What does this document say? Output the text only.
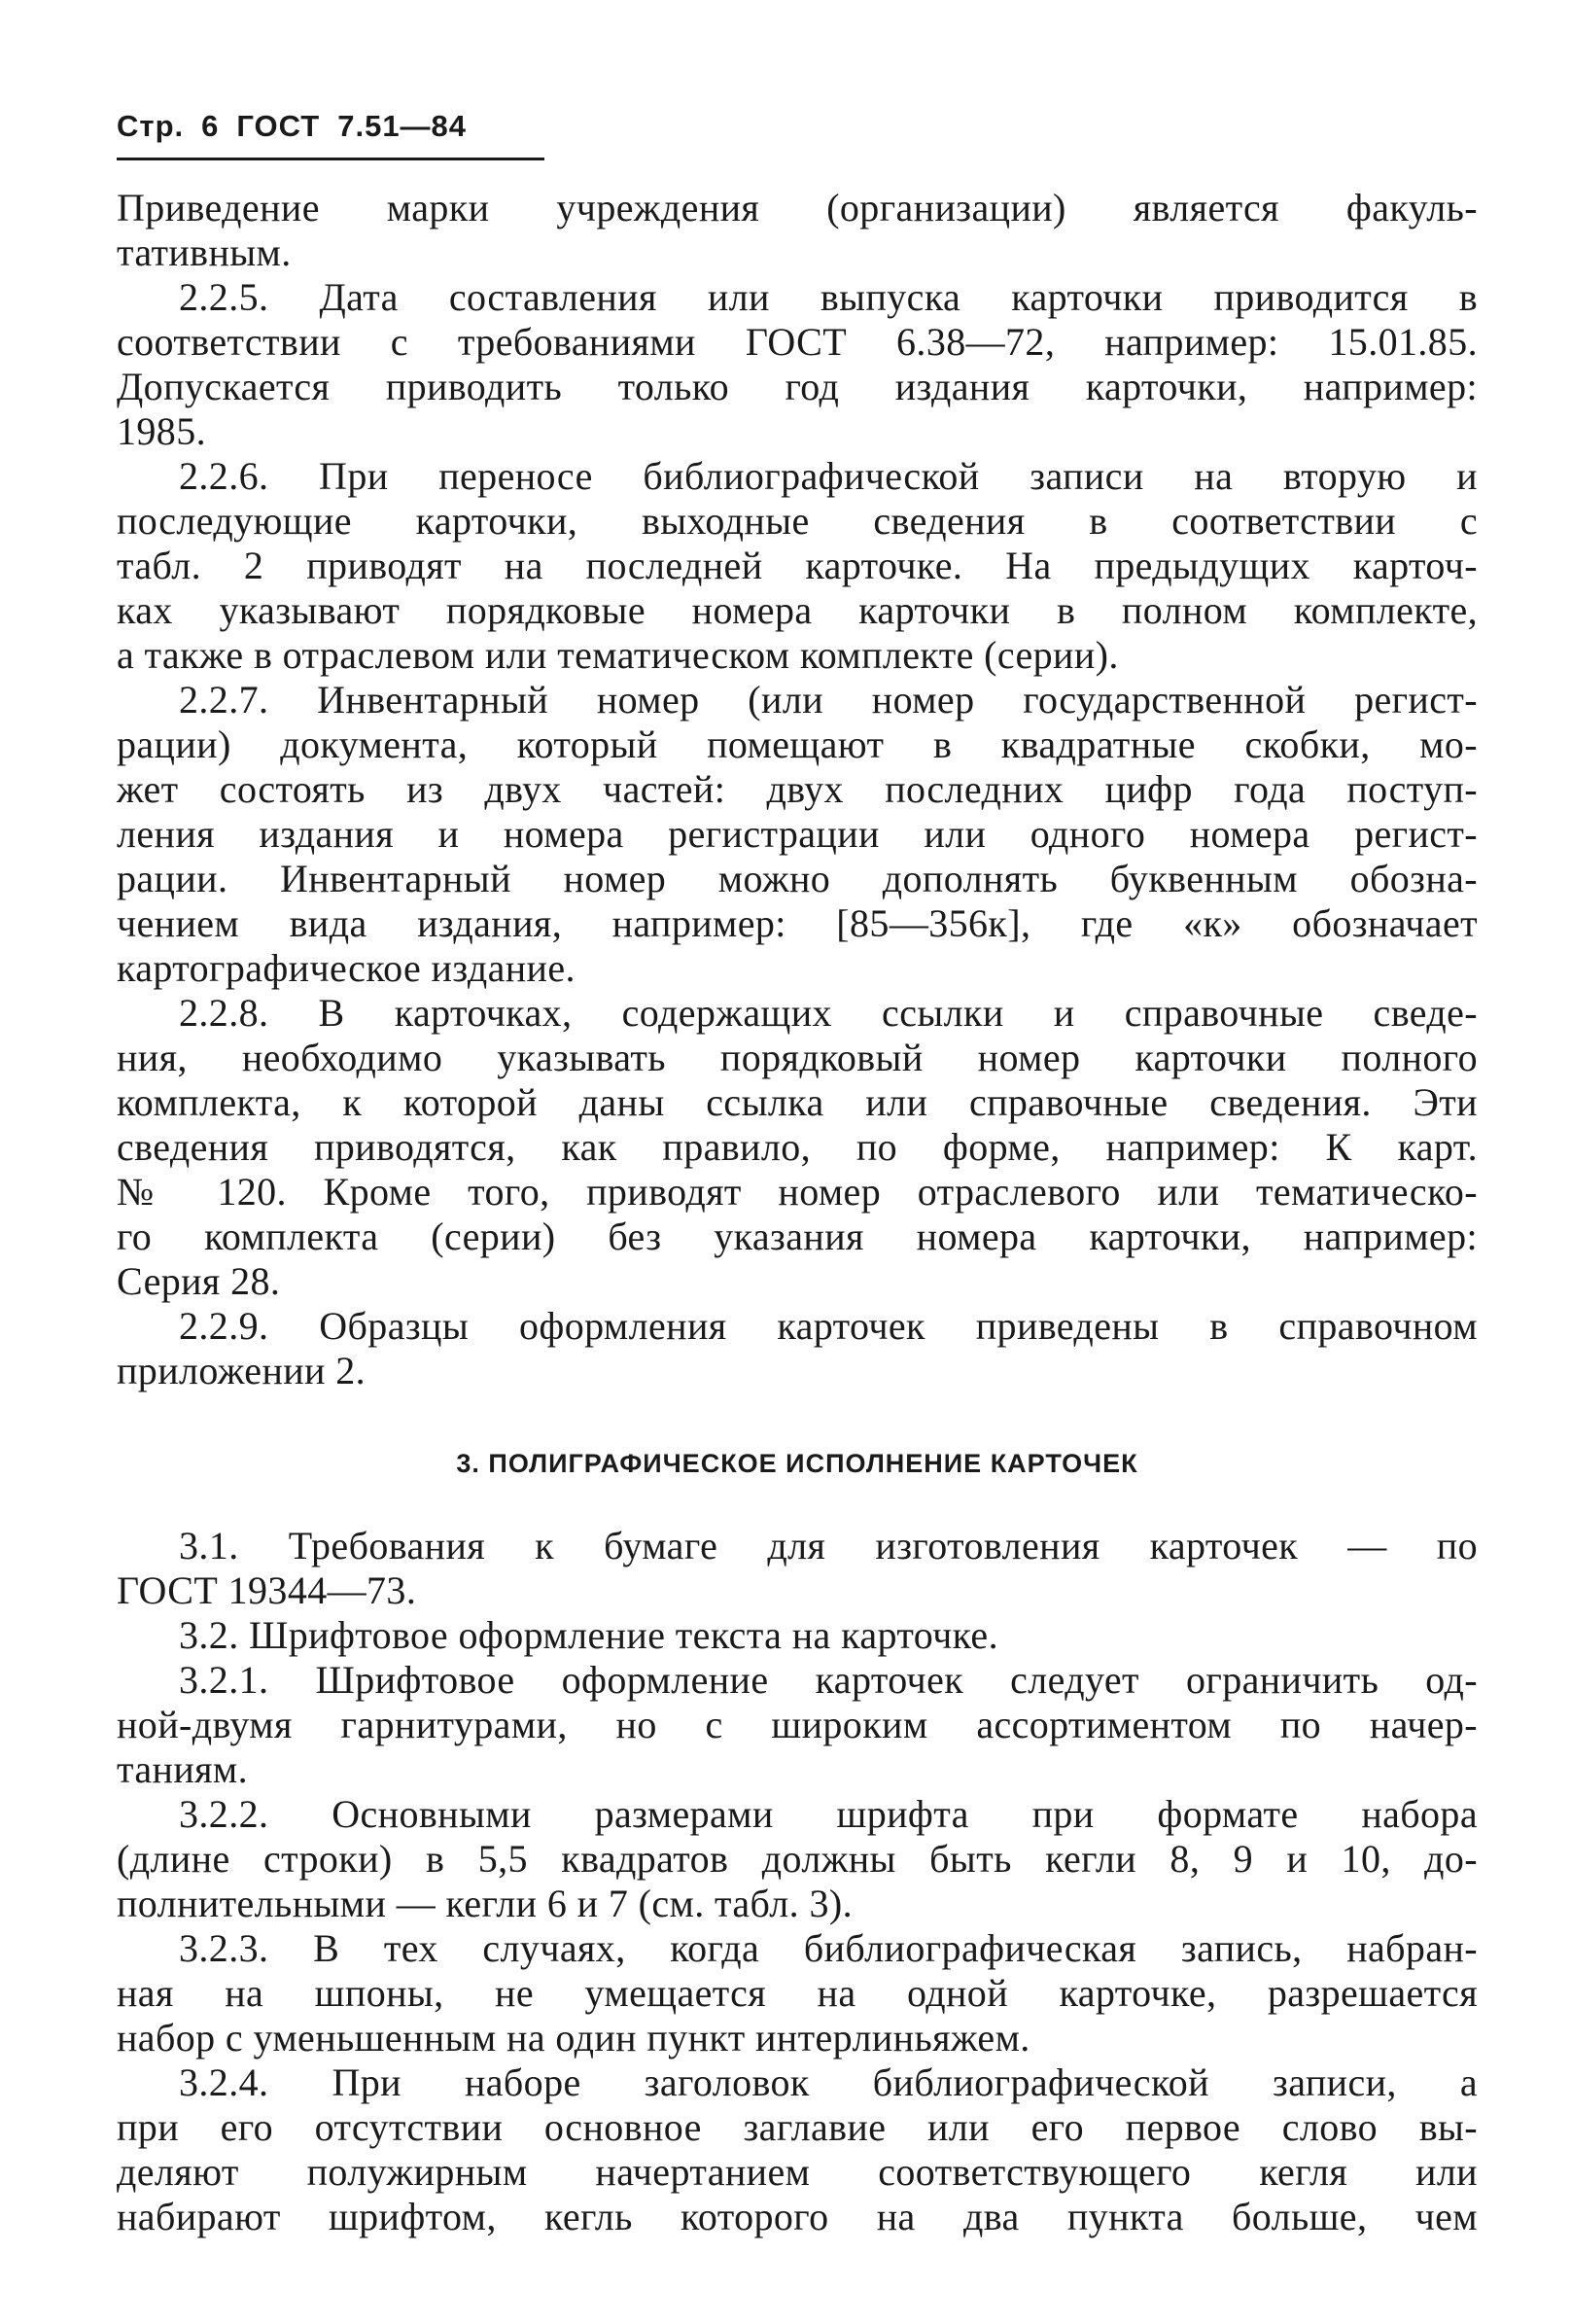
Стр. 6 ГОСТ 7.51—84
Приведение марки учреждения (организации) является факуль-
тативным.
2.2.5. Дата составления или выпуска карточки приводится в
соответствии с требованиями ГОСТ 6.38—72, например: 15.01.85.
Допускается приводить только год издания карточки, например:
1985.
2.2.6. При переносе библиографической записи на вторую и
последующие карточки, выходные сведения в соответствии с
табл. 2 приводят на последней карточке. На предыдущих карточ-
ках указывают порядковые номера карточки в полном комплекте,
а также в отраслевом или тематическом комплекте (серии).
2.2.7. Инвентарный номер (или номер государственной регист-
рации) документа, который помещают в квадратные скобки, мо-
жет состоять из двух частей: двух последних цифр года поступ-
ления издания и номера регистрации или одного номера регист-
рации. Инвентарный номер можно дополнять буквенным обозна-
чением вида издания, например: [85—356к], где «к» обозначает
картографическое издание.
2.2.8. В карточках, содержащих ссылки и справочные сведе-
ния, необходимо указывать порядковый номер карточки полного
комплекта, к которой даны ссылка или справочные сведения. Эти
сведения приводятся, как правило, по форме, например: К карт.
№ 120. Кроме того, приводят номер отраслевого или тематическо-
го комплекта (серии) без указания номера карточки, например:
Серия 28.
2.2.9. Образцы оформления карточек приведены в справочном
приложении 2.
3. ПОЛИГРАФИЧЕСКОЕ ИСПОЛНЕНИЕ КАРТОЧЕК
3.1. Требования к бумаге для изготовления карточек — по
ГОСТ 19344—73.
3.2. Шрифтовое оформление текста на карточке.
3.2.1. Шрифтовое оформление карточек следует ограничить од-
ной-двумя гарнитурами, но с широким ассортиментом по начер-
таниям.
3.2.2. Основными размерами шрифта при формате набора
(длине строки) в 5,5 квадратов должны быть кегли 8, 9 и 10, до-
полнительными — кегли 6 и 7 (см. табл. 3).
3.2.3. В тех случаях, когда библиографическая запись, набран-
ная на шпоны, не умещается на одной карточке, разрешается
набор с уменьшенным на один пункт интерлиньяжем.
3.2.4. При наборе заголовок библиографической записи, а
при его отсутствии основное заглавие или его первое слово вы-
деляют полужирным начертанием соответствующего кегля или
набирают шрифтом, кегль которого на два пункта больше, чем
